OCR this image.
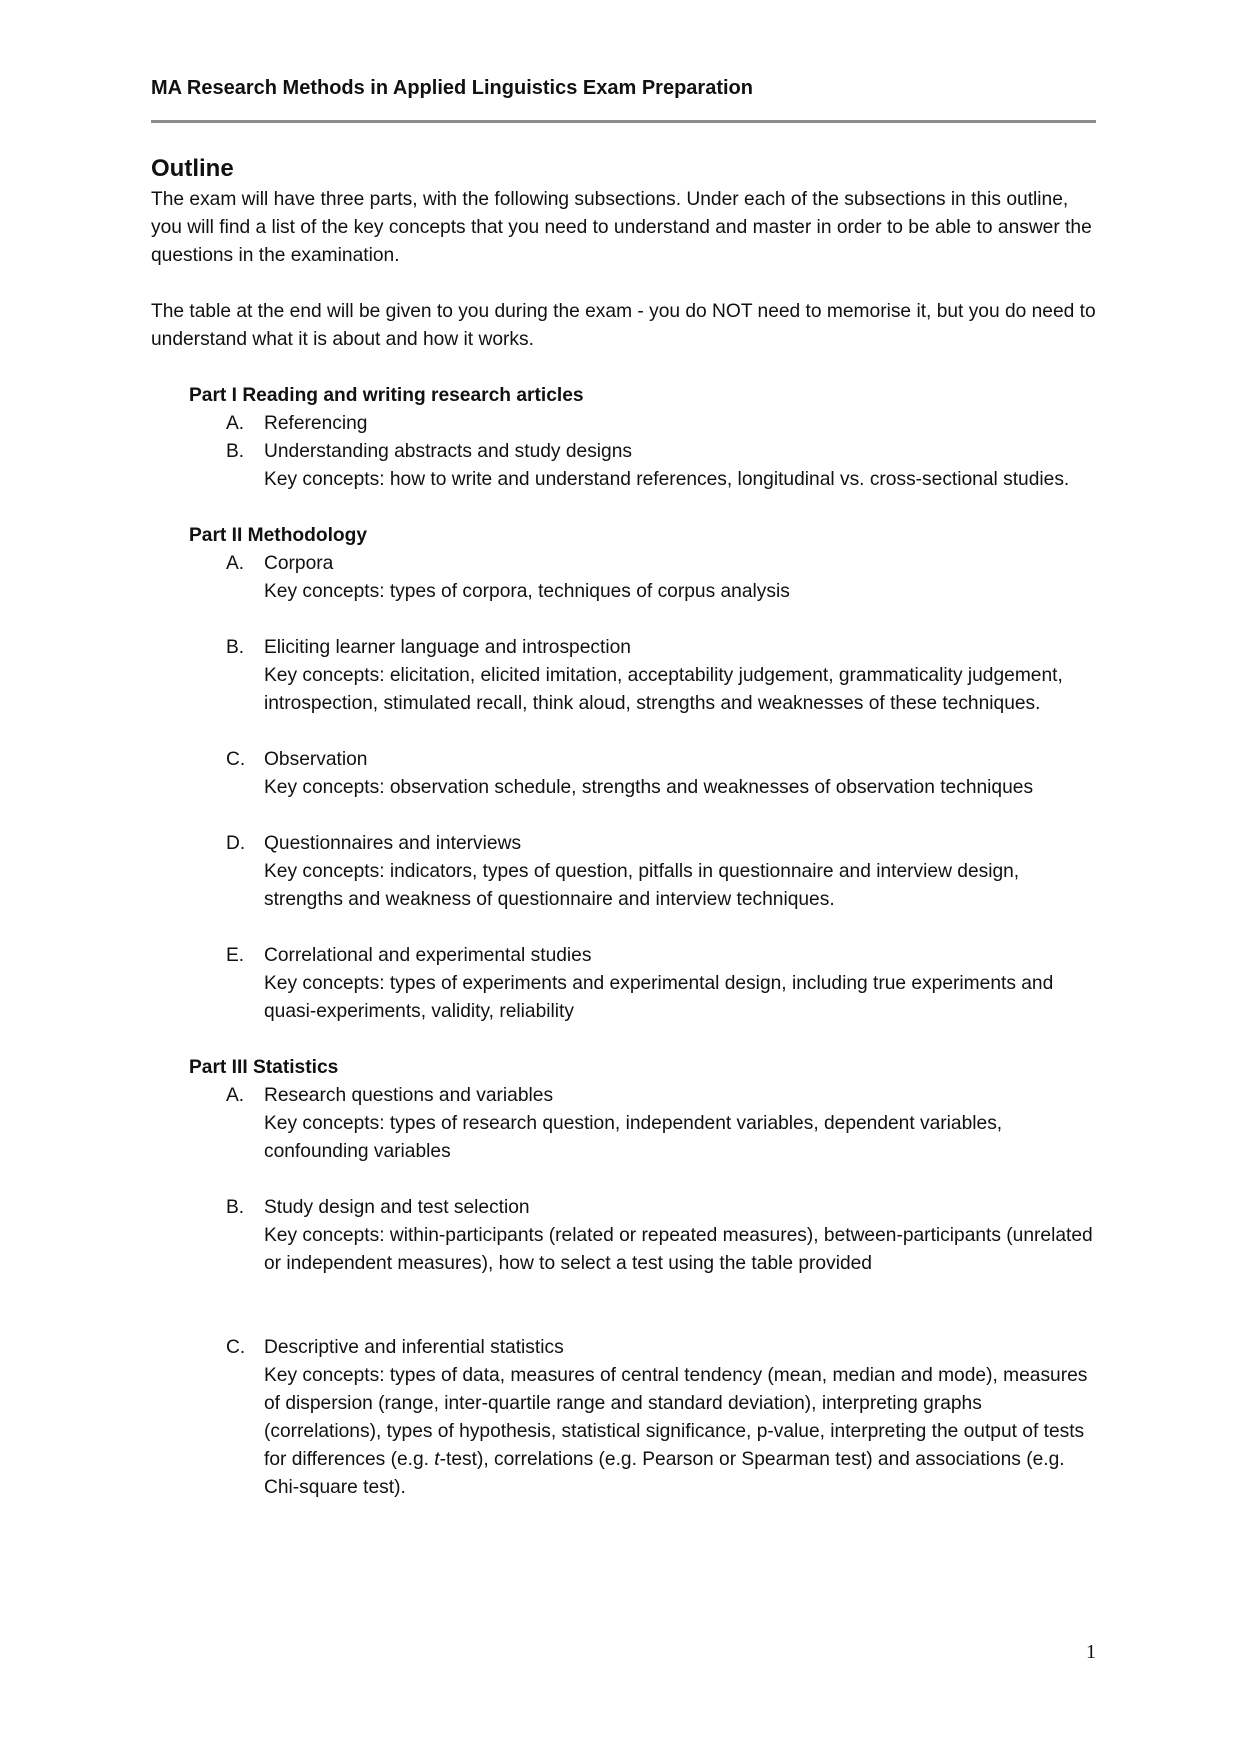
MA Research Methods in Applied Linguistics Exam Preparation
Outline

The exam will have three parts, with the following subsections. Under each of the subsections in this outline, you will find a list of the key concepts that you need to understand and master in order to be able to answer the questions in the examination.

The table at the end will be given to you during the exam - you do NOT need to memorise it, but you do need to understand what it is about and how it works.

Part I Reading and writing research articles

A. Referencing
B. Understanding abstracts and study designs
Key concepts: how to write and understand references, longitudinal vs. cross-sectional studies.

Part II Methodology

A. Corpora
Key concepts: types of corpora, techniques of corpus analysis
B. Eliciting learner language and introspection
Key concepts: elicitation, elicited imitation, acceptability judgement, grammaticality judgement, introspection, stimulated recall, think aloud, strengths and weaknesses of these techniques.
C. Observation
Key concepts: observation schedule, strengths and weaknesses of observation techniques
D. Questionnaires and interviews
Key concepts: indicators, types of question, pitfalls in questionnaire and interview design, strengths and weakness of questionnaire and interview techniques.
E. Correlational and experimental studies
Key concepts: types of experiments and experimental design, including true experiments and quasi-experiments, validity, reliability

Part III Statistics

A. Research questions and variables
Key concepts: types of research question, independent variables, dependent variables, confounding variables
B. Study design and test selection
Key concepts: within-participants (related or repeated measures), between-participants (unrelated or independent measures), how to select a test using the table provided
C. Descriptive and inferential statistics
Key concepts: types of data, measures of central tendency (mean, median and mode), measures of dispersion (range, inter-quartile range and standard deviation), interpreting graphs (correlations), types of hypothesis, statistical significance, p-value, interpreting the output of tests for differences (e.g. t-test), correlations (e.g. Pearson or Spearman test) and associations (e.g. Chi-square test).
1
